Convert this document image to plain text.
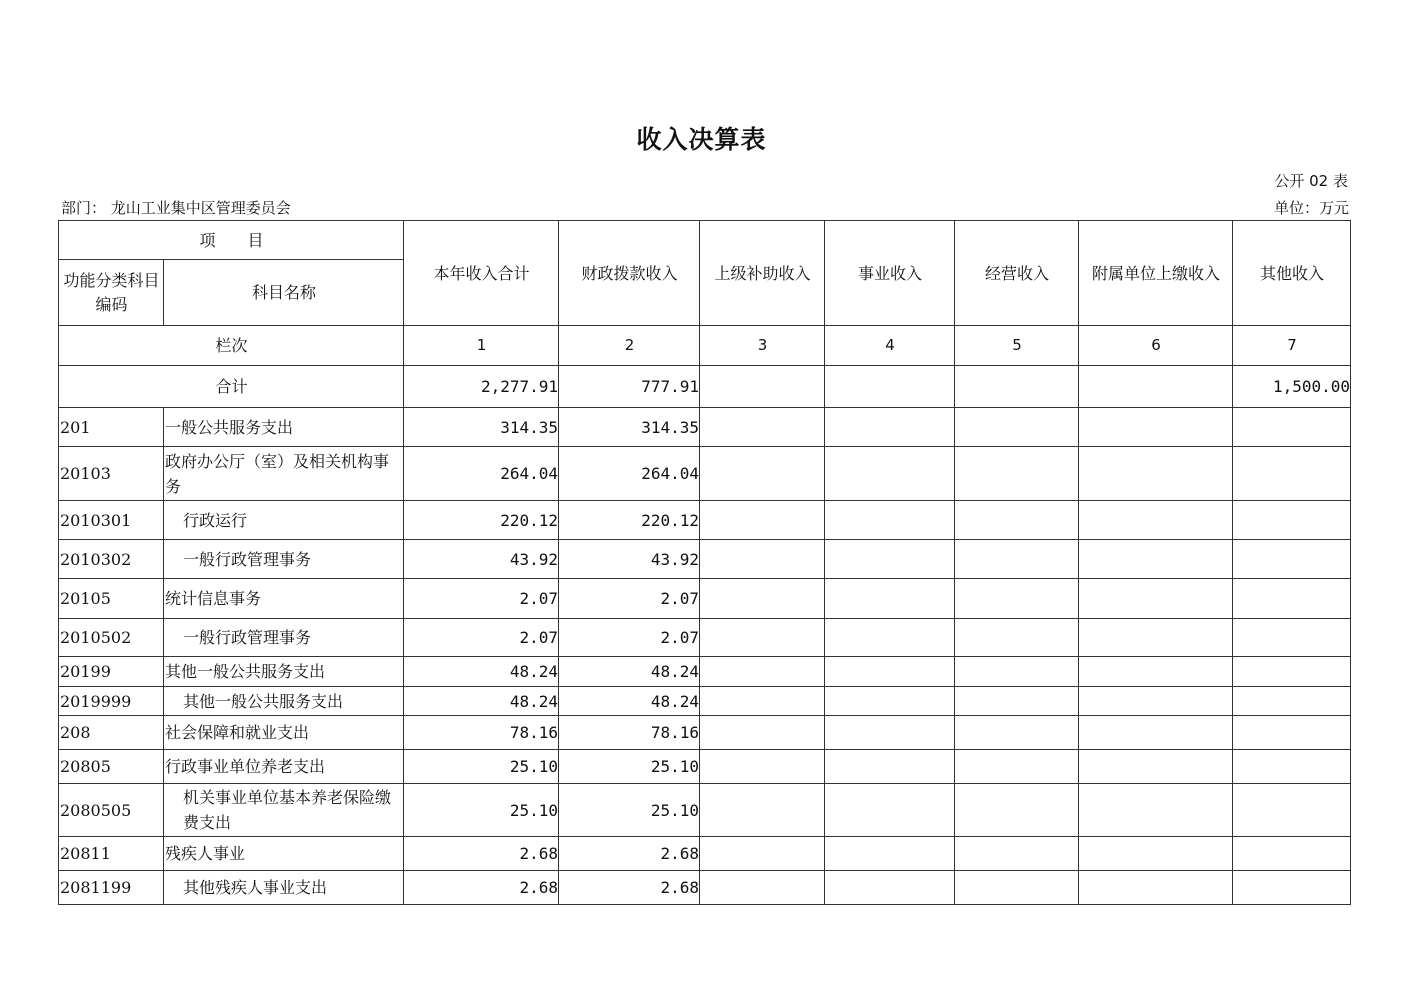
收入决算表
公开 02 表
部门： 龙山工业集中区管理委员会	单位：万元
项　　目		本年收入合计	财政拨款收入	上级补助收入	事业收入	经营收入	附属单位上缴收入	其他收入
功能分类科目编码	科目名称							
栏次		1	2	3	4	5	6	7
合计		2,277.91	777.91					1,500.00
201	一般公共服务支出	314.35	314.35					
20103	政府办公厅（室）及相关机构事务	264.04	264.04					
2010301	行政运行	220.12	220.12					
2010302	一般行政管理事务	43.92	43.92					
20105	统计信息事务	2.07	2.07					
2010502	一般行政管理事务	2.07	2.07					
20199	其他一般公共服务支出	48.24	48.24					
2019999	其他一般公共服务支出	48.24	48.24					
208	社会保障和就业支出	78.16	78.16					
20805	行政事业单位养老支出	25.10	25.10					
2080505	机关事业单位基本养老保险缴费支出	25.10	25.10					
20811	残疾人事业	2.68	2.68					
2081199	其他残疾人事业支出	2.68	2.68					
